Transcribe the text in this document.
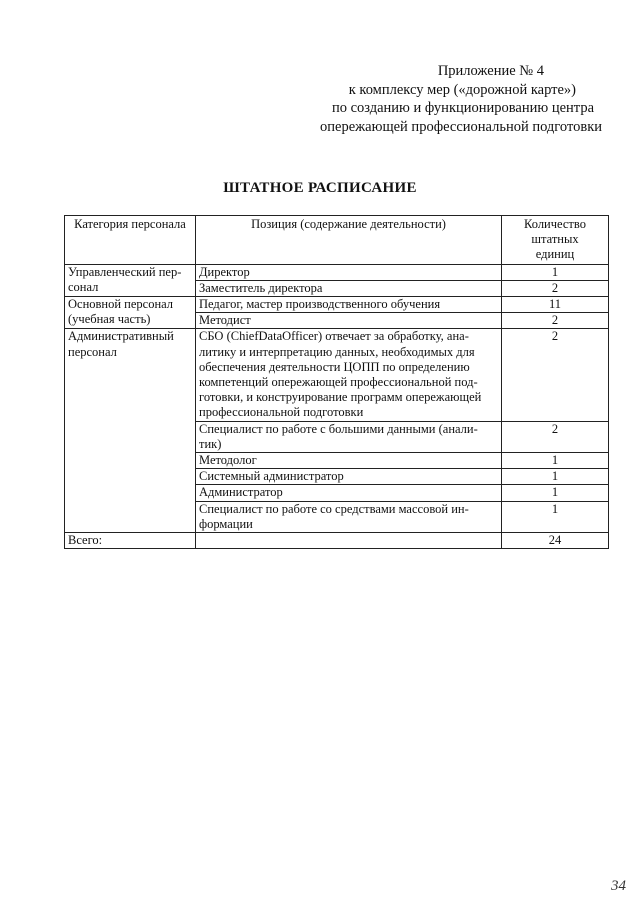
Приложение № 4
к комплексу мер («дорожной карте»)
по созданию и функционированию центра
опережающей профессиональной подготовки
ШТАТНОЕ РАСПИСАНИЕ
Категория персонала	Позиция (содержание деятельности)	Количество штатных единиц
Управленческий пер-сонал	Директор	1
	Заместитель директора	2
Основной персонал (учебная часть)	Педагог, мастер производственного обучения	11
	Методист	2
Административный персонал	СБО (ChiefDataOfficer) отвечает за обработку, ана-литику и интерпретацию данных, необходимых для обеспечения деятельности ЦОПП по определению компетенций опережающей профессиональной под-готовки, и конструирование программ опережающей профессиональной подготовки	2
	Специалист по работе с большими данными (анали-тик)	2
	Методолог	1
	Системный администратор	1
	Администратор	1
	Специалист по работе со средствами массовой ин-формации	1
Всего:		24
34
